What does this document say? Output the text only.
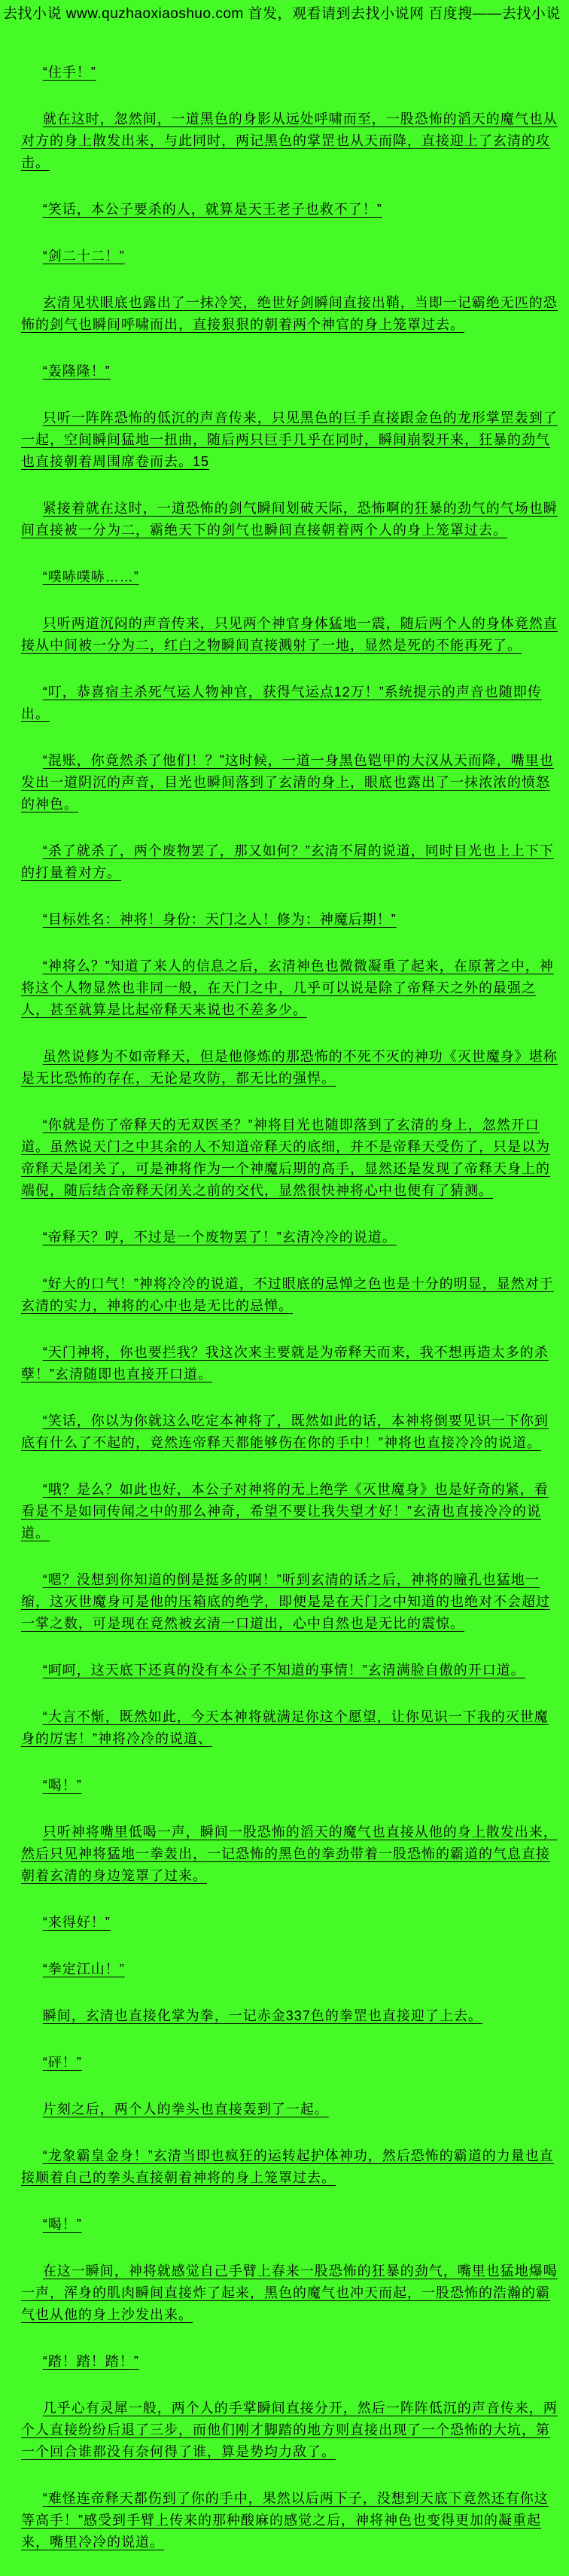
去找小说 www.quzhaoxiaoshuo.com 首发，观看请到去找小说网 百度搜——去找小说

“住手！”

就在这时，忽然间，一道黑色的身影从远处呼啸而至，一股恐怖的滔天的魔气也从对方的身上散发出来，与此同时，两记黑色的掌罡也从天而降，直接迎上了玄清的攻击。

“笑话，本公子要杀的人，就算是天王老子也救不了！”

“剑二十二！”

玄清见状眼底也露出了一抹冷笑，绝世好剑瞬间直接出鞘，当即一记霸绝无匹的恐怖的剑气也瞬间呼啸而出，直接狠狠的朝着两个神官的身上笼罩过去。

“轰隆隆！”

只听一阵阵恐怖的低沉的声音传来，只见黑色的巨手直接跟金色的龙形掌罡轰到了一起，空间瞬间猛地一扭曲，随后两只巨手几乎在同时，瞬间崩裂开来，狂暴的劲气也直接朝着周围席卷而去。15

紧接着就在这时，一道恐怖的剑气瞬间划破天际，恐怖啊的狂暴的劲气的气场也瞬间直接被一分为二，霸绝天下的剑气也瞬间直接朝着两个人的身上笼罩过去。

“噗哧噗哧……”

只听两道沉闷的声音传来，只见两个神官身体猛地一震，随后两个人的身体竟然直接从中间被一分为二，红白之物瞬间直接溅射了一地，显然是死的不能再死了。

“叮，恭喜宿主杀死气运人物神官，获得气运点12万！”系统提示的声音也随即传出。

“混账，你竟然杀了他们！？”这时候，一道一身黑色铠甲的大汉从天而降，嘴里也发出一道阴沉的声音，目光也瞬间落到了玄清的身上，眼底也露出了一抹浓浓的愤怒的神色。

“杀了就杀了，两个废物罢了，那又如何？”玄清不屑的说道，同时目光也上上下下的打量着对方。

“目标姓名：神将！身份：天门之人！修为：神魔后期！”

“神将么？”知道了来人的信息之后，玄清神色也微微凝重了起来，在原著之中，神将这个人物显然也非同一般，在天门之中，几乎可以说是除了帝释天之外的最强之人，甚至就算是比起帝释天来说也不差多少。

虽然说修为不如帝释天，但是他修炼的那恐怖的不死不灭的神功《灭世魔身》堪称是无比恐怖的存在，无论是攻防，都无比的强悍。

“你就是伤了帝释天的无双医圣？”神将目光也随即落到了玄清的身上，忽然开口道。虽然说天门之中其余的人不知道帝释天的底细，并不是帝释天受伤了，只是以为帝释天是闭关了，可是神将作为一个神魔后期的高手，显然还是发现了帝释天身上的端倪，随后结合帝释天闭关之前的交代，显然很快神将心中也便有了猜测。

“帝释天？哼，不过是一个废物罢了！”玄清冷冷的说道。

“好大的口气！”神将冷冷的说道，不过眼底的忌惮之色也是十分的明显，显然对于玄清的实力，神将的心中也是无比的忌惮。

“天门神将，你也要拦我？我这次来主要就是为帝释天而来，我不想再造太多的杀孽！”玄清随即也直接开口道。

“笑话，你以为你就这么吃定本神将了，既然如此的话，本神将倒要见识一下你到底有什么了不起的，竟然连帝释天都能够伤在你的手中！”神将也直接冷冷的说道。

“哦？是么？如此也好，本公子对神将的无上绝学《灭世魔身》也是好奇的紧，看看是不是如同传闻之中的那么神奇，希望不要让我失望才好！”玄清也直接冷冷的说道。

“嗯？没想到你知道的倒是挺多的啊！”听到玄清的话之后，神将的瞳孔也猛地一缩，这灭世魔身可是他的压箱底的绝学，即便是是在天门之中知道的也绝对不会超过一掌之数，可是现在竟然被玄清一口道出，心中自然也是无比的震惊。

“呵呵，这天底下还真的没有本公子不知道的事情！”玄清满脸自傲的开口道。

“大言不惭，既然如此，今天本神将就满足你这个愿望，让你见识一下我的灭世魔身的厉害！”神将冷冷的说道、

“喝！”

只听神将嘴里低喝一声，瞬间一股恐怖的滔天的魔气也直接从他的身上散发出来，然后只见神将猛地一拳轰出，一记恐怖的黑色的拳劲带着一股恐怖的霸道的气息直接朝着玄清的身边笼罩了过来。

“来得好！”

“拳定江山！”

瞬间，玄清也直接化掌为拳，一记赤金337色的拳罡也直接迎了上去。

“砰！”

片刻之后，两个人的拳头也直接轰到了一起。

“龙象霸皇金身！”玄清当即也疯狂的运转起护体神功，然后恐怖的霸道的力量也直接顺着自己的拳头直接朝着神将的身上笼罩过去。

“喝！”

在这一瞬间，神将就感觉自己手臂上春来一股恐怖的狂暴的劲气，嘴里也猛地爆喝一声，浑身的肌肉瞬间直接炸了起来，黑色的魔气也冲天而起，一股恐怖的浩瀚的霸气也从他的身上沙发出来。

“踏！踏！踏！”

几乎心有灵犀一般，两个人的手掌瞬间直接分开，然后一阵阵低沉的声音传来，两个人直接纷纷后退了三步，而他们刚才脚踏的地方则直接出现了一个恐怖的大坑，第一个回合谁都没有奈何得了谁，算是势均力敌了。

“难怪连帝释天都伤到了你的手中，果然以后两下子，没想到天底下竟然还有你这等高手！”感受到手臂上传来的那种酸麻的感觉之后，神将神色也变得更加的凝重起来，嘴里冷冷的说道。
